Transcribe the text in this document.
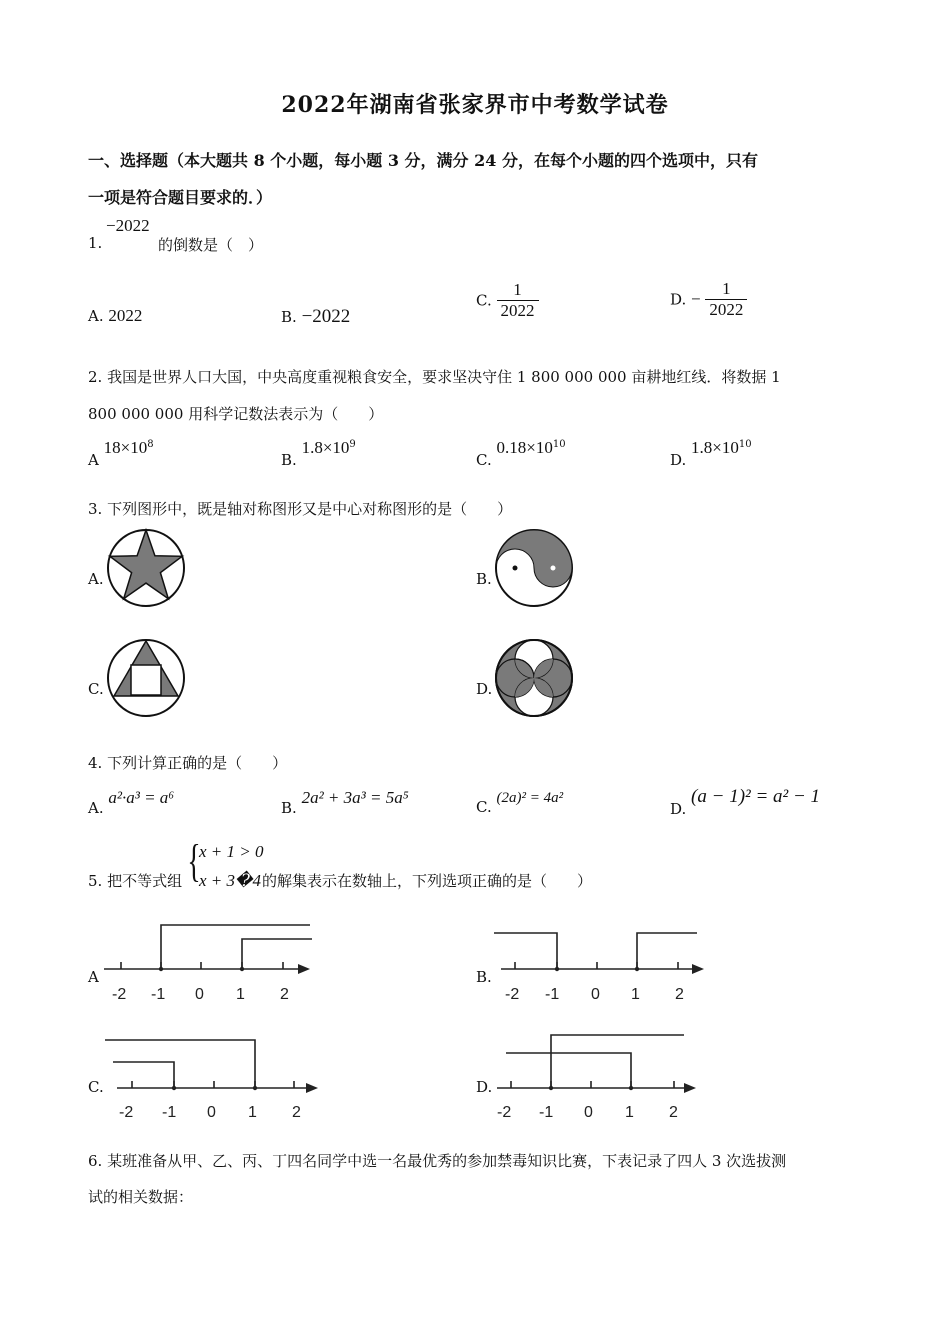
2022年湖南省张家界市中考数学试卷
一、选择题（本大题共 8 个小题，每小题 3 分，满分 24 分，在每个小题的四个选项中，只有
一项是符合题目要求的．）
1.
−2022
的倒数是（　）
A. 2022	B. −2022
C. $\frac{1}{2022}$	D. − $\frac{1}{2022}$
2. 我国是世界人口大国，中央高度重视粮食安全，要求坚决守住 1 800 000 000 亩耕地红线．将数据 1
800 000 000 用科学记数法表示为（　　）
A $18\times 10^8$
B. $1.8\times 10^9$
C. $0.18\times 10^{10}$
D. $1.8\times 10^{10}$
3. 下列图形中，既是轴对称图形又是中心对称图形的是（　　）
A.	B.
C.	D.
4. 下列计算正确的是（　　）
A. a²·a³ = a⁶
B. 2a² + 3a³ = 5a⁵	C. (2a)² = 4a²
D. (a − 1)² = a² − 1
5. 把不等式组 {
x + 1 > 0
x + 3�4 的解集表示在数轴上，下列选项正确的是（　　）
A	B.
C.	D.
-2 -1 0 1 2	-2 -1 0 1 2
-2 -1 0 1 2	-2 -1 0 1 2
6. 某班准备从甲、乙、丙、丁四名同学中选一名最优秀的参加禁毒知识比赛，下表记录了四人 3 次选拔测
试的相关数据：
